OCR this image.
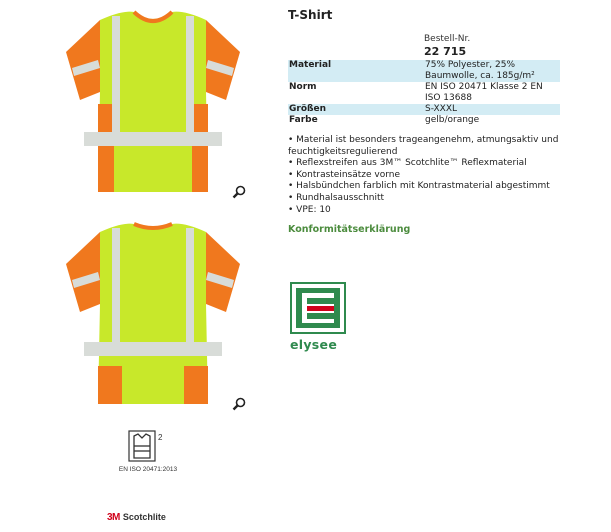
2
EN ISO 20471:2013
3M Scotchlite
T-Shirt
Bestell-Nr.
22 715
Material	75% Polyester, 25% Baumwolle, ca. 185g/m²
Norm	EN ISO 20471 Klasse 2 EN ISO 13688
Größen	S-XXXL
Farbe	gelb/orange
• Material ist besonders trageangenehm, atmungsaktiv und feuchtigkeitsregulierend
• Reflexstreifen aus 3M™ Scotchlite™ Reflexmaterial
• Kontrasteinsätze vorne
• Halsbündchen farblich mit Kontrastmaterial abgestimmt
• Rundhalsausschnitt
• VPE: 10
Konformitätserklärung
elysee
